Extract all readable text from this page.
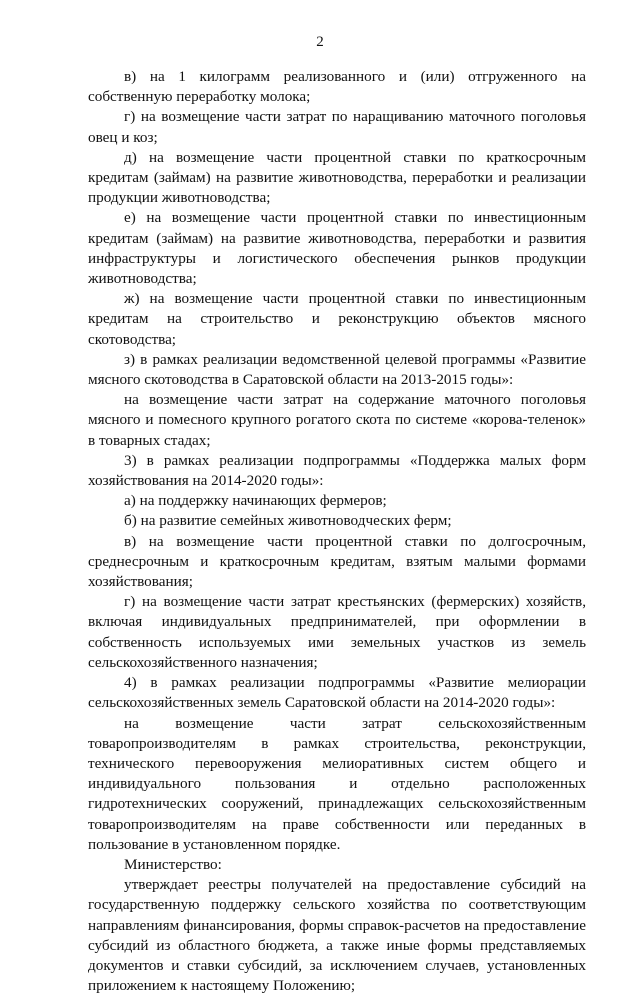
2

в) на 1 килограмм реализованного и (или) отгруженного на собственную переработку молока;

г) на возмещение части затрат по наращиванию маточного поголовья овец и коз;

д) на возмещение части процентной ставки по краткосрочным кредитам (займам) на развитие животноводства, переработки и реализации продукции животноводства;

е) на возмещение части процентной ставки по инвестиционным кредитам (займам) на развитие животноводства, переработки и развития инфраструктуры и логистического обеспечения рынков продукции животноводства;

ж) на возмещение части процентной ставки по инвестиционным кредитам на строительство и реконструкцию объектов мясного скотоводства;

з) в рамках реализации ведомственной целевой программы «Развитие мясного скотоводства в Саратовской области на 2013-2015 годы»:

на возмещение части затрат на содержание маточного поголовья мясного и помесного крупного рогатого скота по системе «корова-теленок» в товарных стадах;

3) в рамках реализации подпрограммы «Поддержка малых форм хозяйствования на 2014-2020 годы»:

а) на поддержку начинающих фермеров;

б) на развитие семейных животноводческих ферм;

в) на возмещение части процентной ставки по долгосрочным, среднесрочным и краткосрочным кредитам, взятым малыми формами хозяйствования;

г) на возмещение части затрат крестьянских (фермерских) хозяйств, включая индивидуальных предпринимателей, при оформлении в собственность используемых ими земельных участков из земель сельскохозяйственного назначения;

4) в рамках реализации подпрограммы «Развитие мелиорации сельскохозяйственных земель Саратовской области на 2014-2020 годы»:

на возмещение части затрат сельскохозяйственным товаропроизводителям в рамках строительства, реконструкции, технического перевооружения мелиоративных систем общего и индивидуального пользования и отдельно расположенных гидротехнических сооружений, принадлежащих сельскохозяйственным товаропроизводителям на праве собственности или переданных в пользование в установленном порядке.

Министерство:

утверждает реестры получателей на предоставление субсидий на государственную поддержку сельского хозяйства по соответствующим направлениям финансирования, формы справок-расчетов на предоставление субсидий из областного бюджета, а также иные формы представляемых документов и ставки субсидий, за исключением случаев, установленных приложением к настоящему Положению;
